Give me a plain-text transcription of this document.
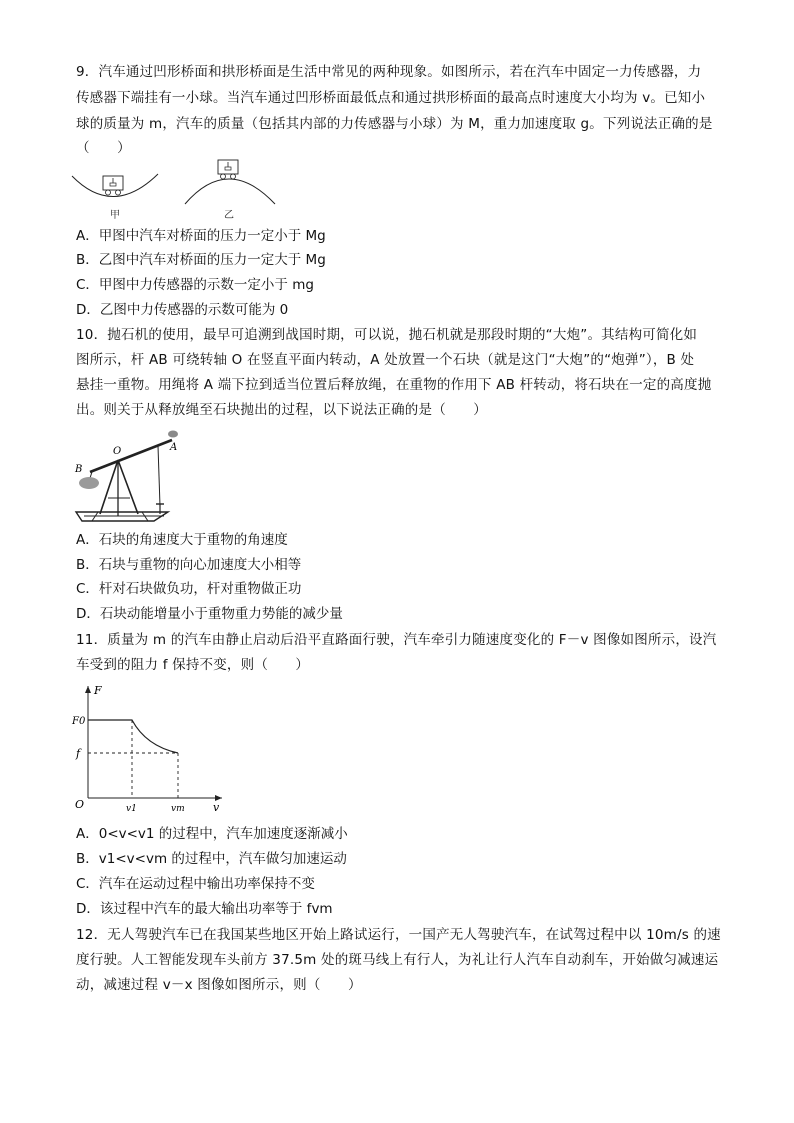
9．汽车通过凹形桥面和拱形桥面是生活中常见的两种现象。如图所示，若在汽车中固定一力传感器，力
传感器下端挂有一小球。当汽车通过凹形桥面最低点和通过拱形桥面的最高点时速度大小均为 v。已知小
球的质量为 m，汽车的质量（包括其内部的力传感器与小球）为 M，重力加速度取 g。下列说法正确的是
（　　）
甲	乙
A．甲图中汽车对桥面的压力一定小于 Mg
B．乙图中汽车对桥面的压力一定大于 Mg
C．甲图中力传感器的示数一定小于 mg
D．乙图中力传感器的示数可能为 0
10．抛石机的使用，最早可追溯到战国时期，可以说，抛石机就是那段时期的“大炮”。其结构可简化如
图所示，杆 AB 可绕转轴 O 在竖直平面内转动，A 处放置一个石块（就是这门“大炮”的“炮弹”），B 处
悬挂一重物。用绳将 A 端下拉到适当位置后释放绳，在重物的作用下 AB 杆转动，将石块在一定的高度抛
出。则关于从释放绳至石块抛出的过程，以下说法正确的是（　　）
O	A
B
A．石块的角速度大于重物的角速度
B．石块与重物的向心加速度大小相等
C．杆对石块做负功，杆对重物做正功
D．石块动能增量小于重物重力势能的减少量
11．质量为 m 的汽车由静止启动后沿平直路面行驶，汽车牵引力随速度变化的 F－v 图像如图所示，设汽
车受到的阻力 f 保持不变，则（　　）
F
v
O
F0
f
v1	vm
A．0<v<v1 的过程中，汽车加速度逐渐减小
B．v1<v<vm 的过程中，汽车做匀加速运动
C．汽车在运动过程中输出功率保持不变
D．该过程中汽车的最大输出功率等于 fvm
12．无人驾驶汽车已在我国某些地区开始上路试运行，一国产无人驾驶汽车，在试驾过程中以 10m/s 的速
度行驶。人工智能发现车头前方 37.5m 处的斑马线上有行人，为礼让行人汽车自动刹车，开始做匀减速运
动，减速过程 v－x 图像如图所示，则（　　）
